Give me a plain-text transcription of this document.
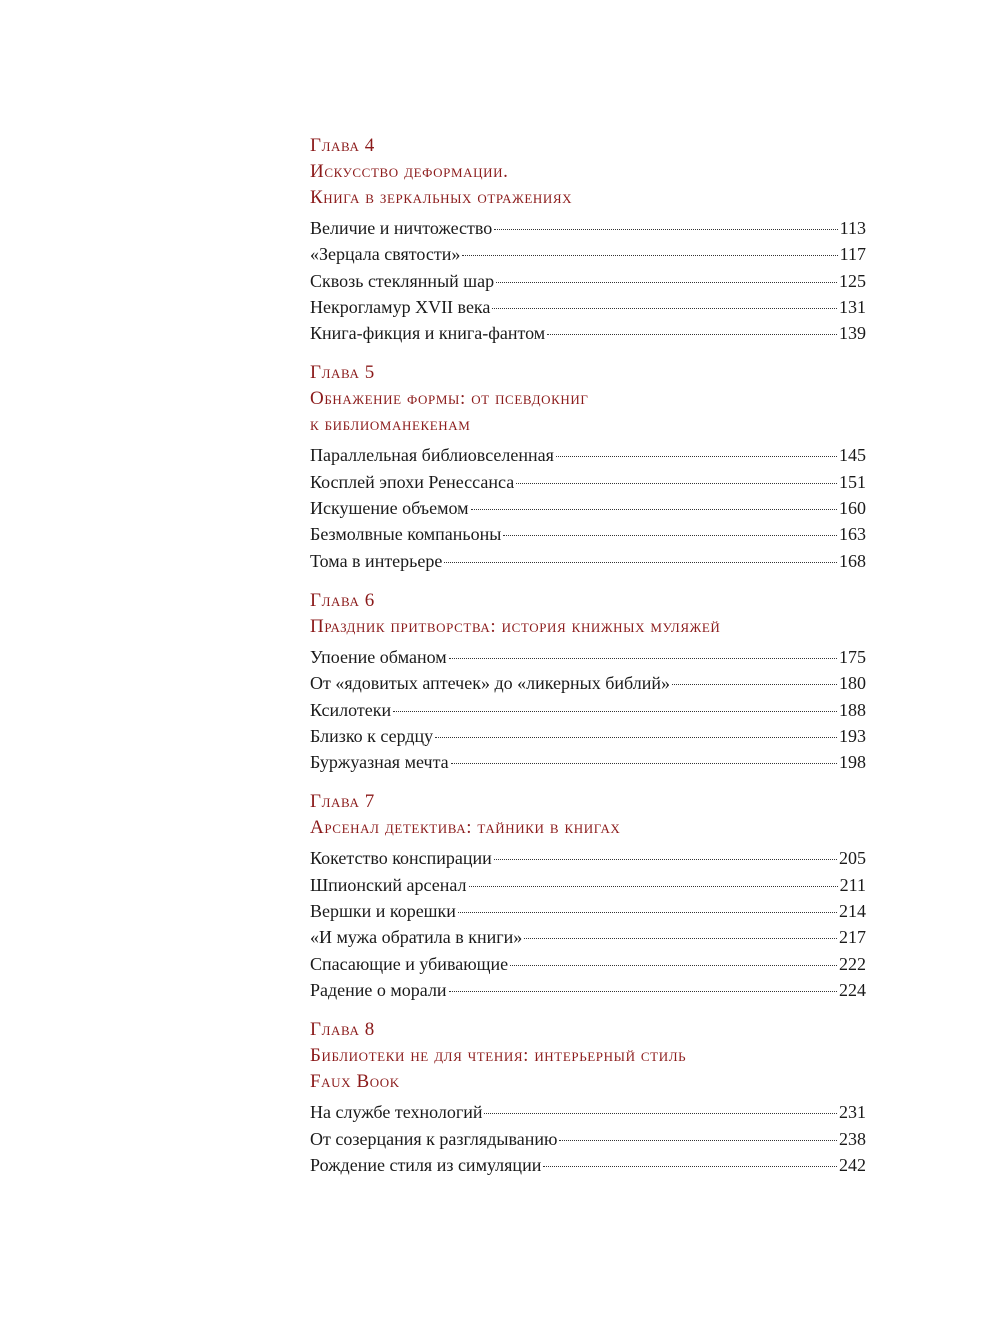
Глава 4
Искусство деформации.
Книга в зеркальных отражениях
Величие и ничтожество	113
«Зерцала святости»	117
Сквозь стеклянный шар	125
Некрогламур XVII века	131
Книга-фикция и книга-фантом	139
Глава 5
Обнажение формы: от псевдокниг
к библиоманекенам
Параллельная библиовселенная	145
Косплей эпохи Ренессанса	151
Искушение объемом	160
Безмолвные компаньоны	163
Тома в интерьере	168
Глава 6
Праздник притворства: история книжных муляжей
Упоение обманом	175
От «ядовитых аптечек» до «ликерных библий»	180
Ксилотеки	188
Близко к сердцу	193
Буржуазная мечта	198
Глава 7
Арсенал детектива: тайники в книгах
Кокетство конспирации	205
Шпионский арсенал	211
Вершки и корешки	214
«И мужа обратила в книги»	217
Спасающие и убивающие	222
Радение о морали	224
Глава 8
Библиотеки не для чтения: интерьерный стиль
Faux Book
На службе технологий	231
От созерцания к разглядыванию	238
Рождение стиля из симуляции	242
